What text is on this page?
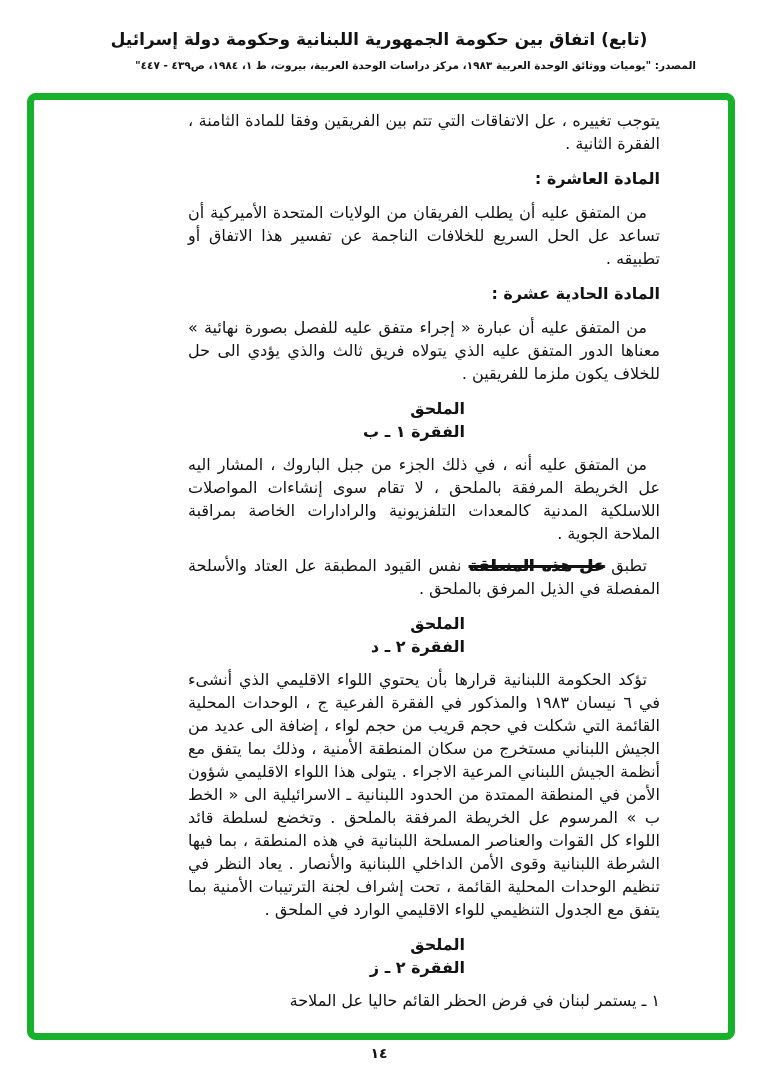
(تابع) اتفاق بين حكومة الجمهورية اللبنانية وحكومة دولة إسرائيل
المصدر: "يوميات ووثائق الوحدة العربية ١٩٨٣، مركز دراسات الوحدة العربية، بيروت، ط ١، ١٩٨٤، ص٤٣٩ - ٤٤٧"

يتوجب تغييره ، عل الاتفاقات التي تتم بين الفريقين وفقا للمادة الثامنة ، الفقرة الثانية .

المادة العاشرة :

من المتفق عليه أن يطلب الفريقان من الولايات المتحدة الأميركية أن تساعد عل الحل السريع للخلافات الناجمة عن تفسير هذا الاتفاق أو تطبيقه .

المادة الحادية عشرة :

من المتفق عليه أن عبارة « إجراء متفق عليه للفصل بصورة نهائية » معناها الدور المتفق عليه الذي يتولاه فريق ثالث والذي يؤدي الى حل للخلاف يكون ملزما للفريقين .

الملحق
الفقرة ١ ـ ب

من المتفق عليه أنه ، في ذلك الجزء من جبل الباروك ، المشار اليه عل الخريطة المرفقة بالملحق ، لا تقام سوى إنشاءات المواصلات اللاسلكية المدنية كالمعدات التلفزيونية والرادارات الخاصة بمراقبة الملاحة الجوية .

تطبق عل هذه المنطقة نفس القيود المطبقة عل العتاد والأسلحة المفصلة في الذيل المرفق بالملحق .

الملحق
الفقرة ٢ ـ د

تؤكد الحكومة اللبنانية قرارها بأن يحتوي اللواء الاقليمي الذي أنشىء في ٦ نيسان ١٩٨٣ والمذكور في الفقرة الفرعية ج ، الوحدات المحلية القائمة التي شكلت في حجم قريب من حجم لواء ، إضافة الى عديد من الجيش اللبناني مستخرج من سكان المنطقة الأمنية ، وذلك بما يتفق مع أنظمة الجيش اللبناني المرعية الاجراء . يتولى هذا اللواء الاقليمي شؤون الأمن في المنطقة الممتدة من الحدود اللبنانية ـ الاسرائيلية الى « الخط ب » المرسوم عل الخريطة المرفقة بالملحق . وتخضع لسلطة قائد اللواء كل القوات والعناصر المسلحة اللبنانية في هذه المنطقة ، بما فيها الشرطة اللبنانية وقوى الأمن الداخلي اللبنانية والأنصار . يعاد النظر في تنظيم الوحدات المحلية القائمة ، تحت إشراف لجنة الترتيبات الأمنية بما يتفق مع الجدول التنظيمي للواء الاقليمي الوارد في الملحق .

الملحق
الفقرة ٢ ـ ز

١ ـ يستمر لبنان في فرض الحظر القائم حاليا عل الملاحة

١٤
